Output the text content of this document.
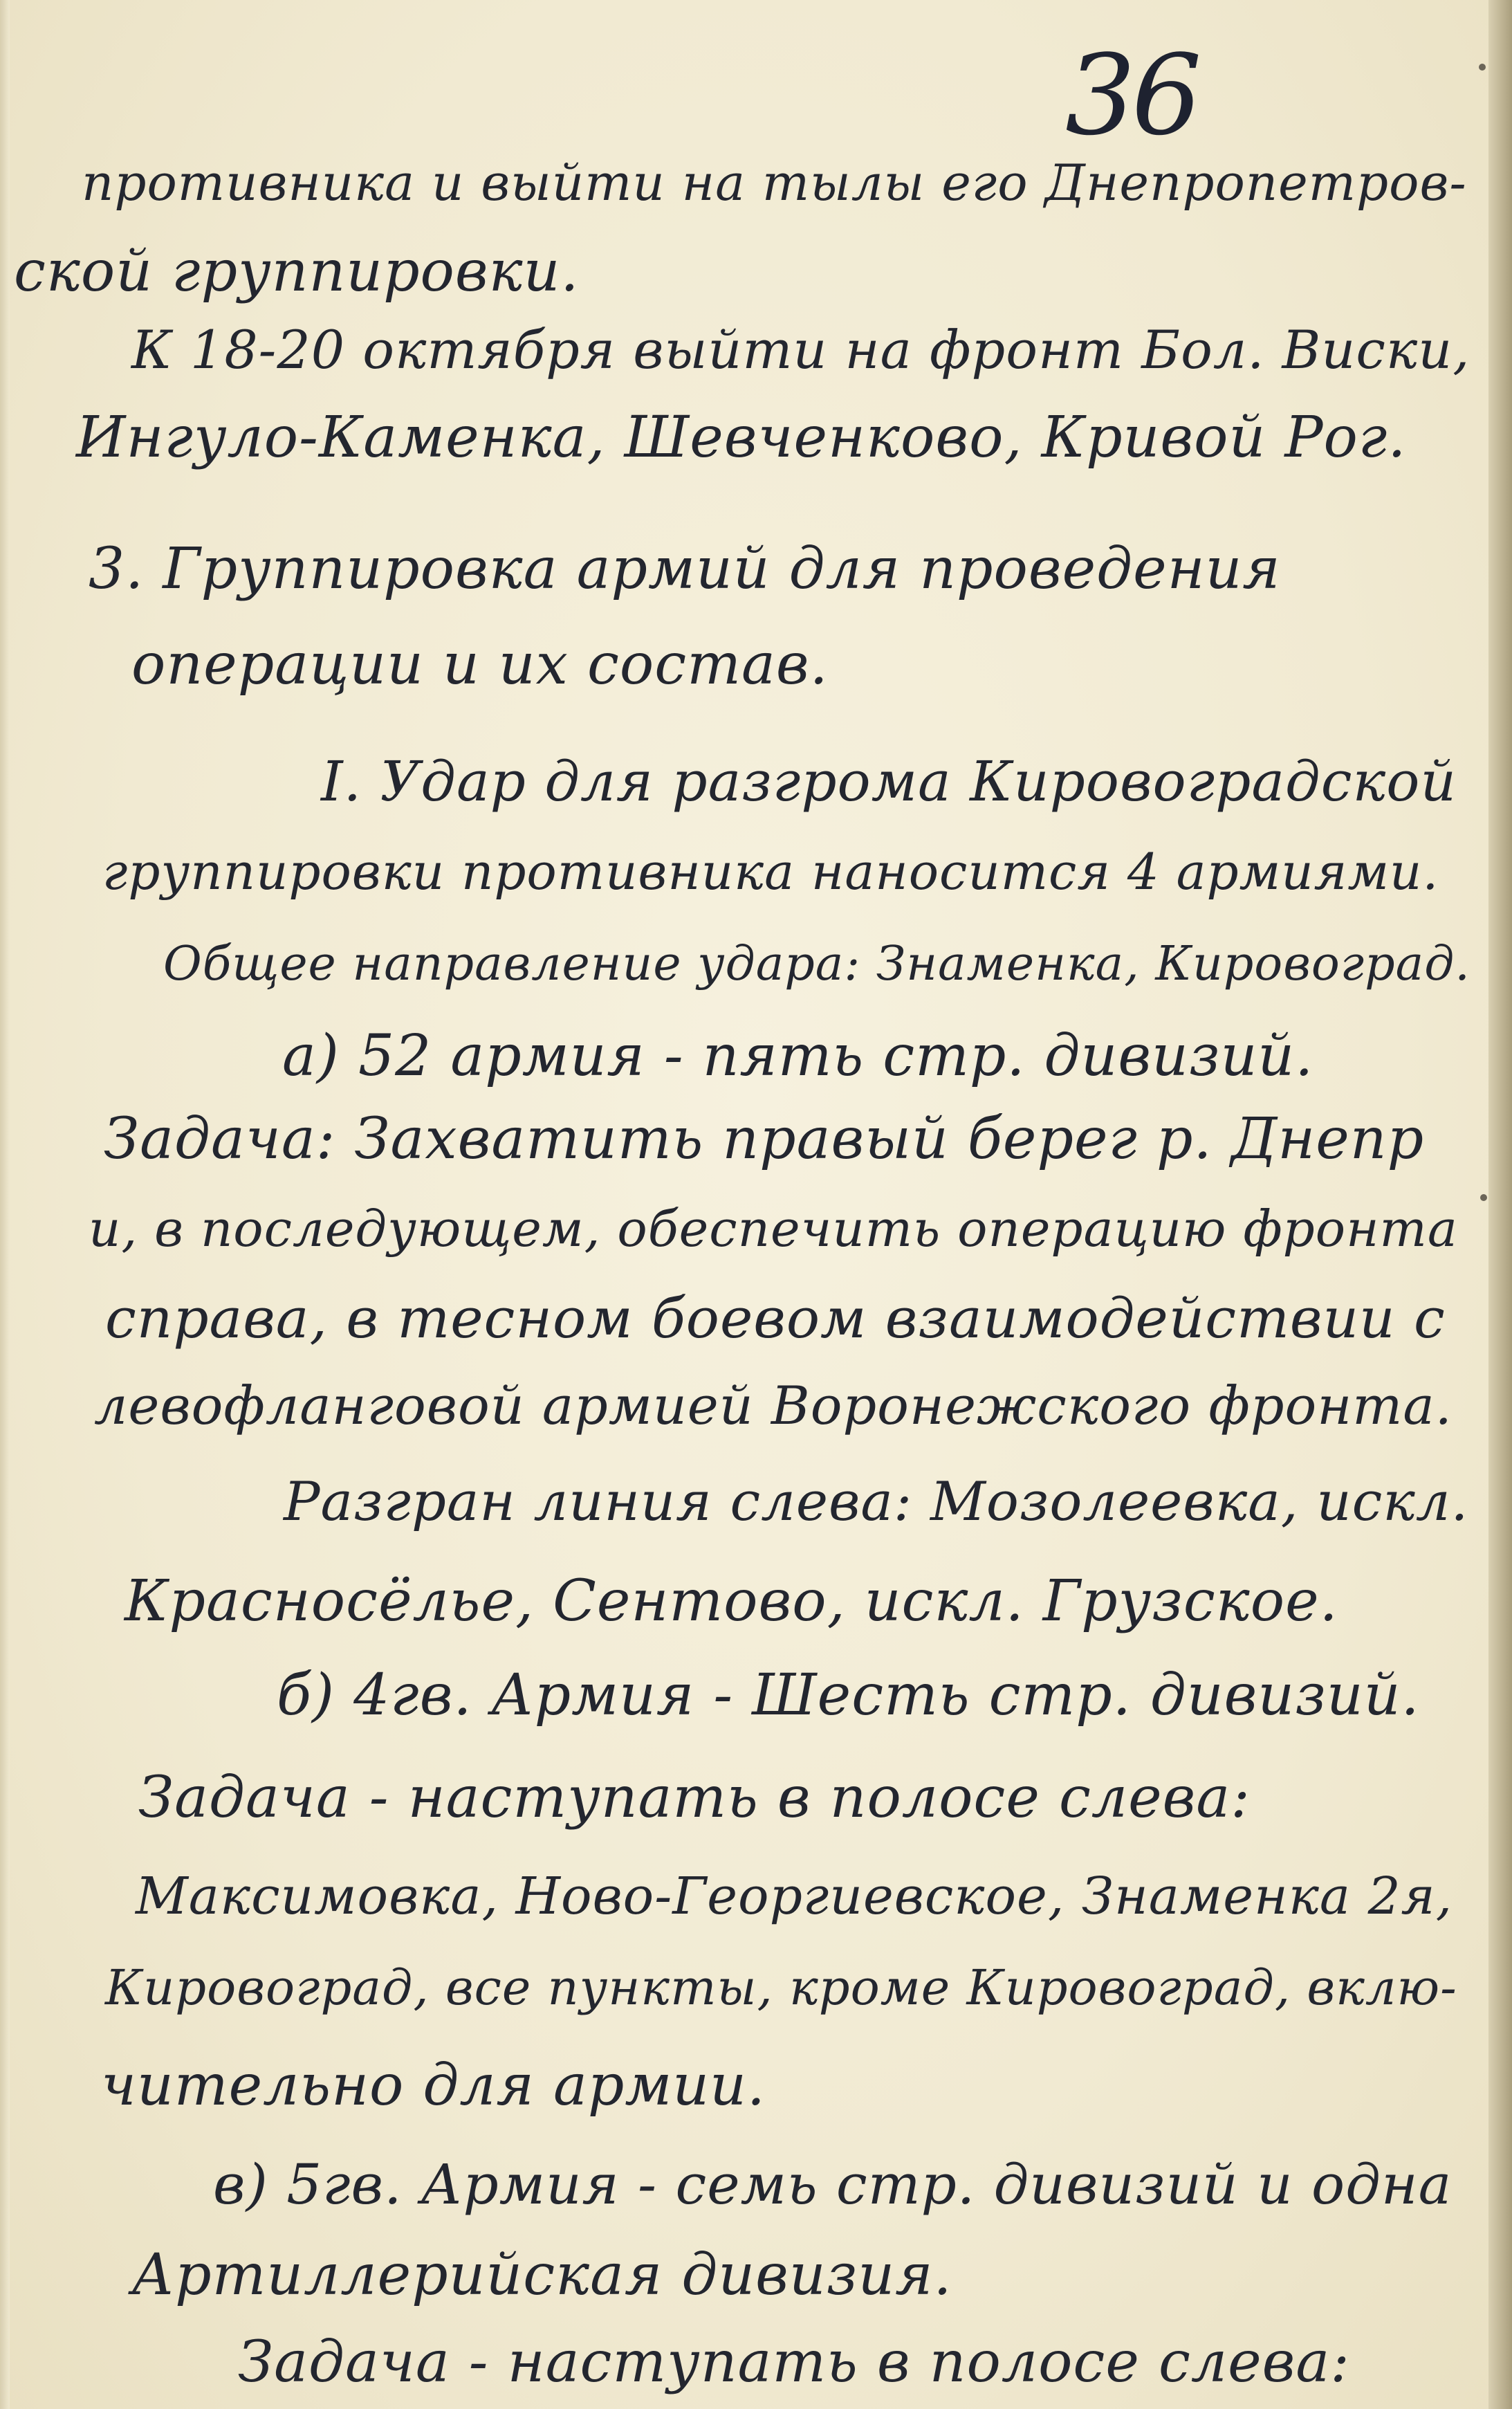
36
противника и выйти на тылы его Днепропетров-
ской группировки.
К 18-20 октября выйти на фронт Бол. Виски,
Ингуло-Каменка, Шевченково, Кривой Рог.
3. Группировка армий для проведения
операции и их состав.
I. Удар для разгрома Кировоградской
группировки противника наносится 4 армиями.
Общее направление удара: Знаменка, Кировоград.
а) 52 армия - пять стр. дивизий.
Задача: Захватить правый берег р. Днепр
и, в последующем, обеспечить операцию фронта
справа, в тесном боевом взаимодействии с
левофланговой армией Воронежского фронта.
Разгран линия слева: Мозолеевка, искл.
Красносёлье, Сентово, искл. Грузское.
б) 4гв. Армия - Шесть стр. дивизий.
Задача - наступать в полосе слева:
Максимовка, Ново-Георгиевское, Знаменка 2я,
Кировоград, все пункты, кроме Кировоград, вклю-
чительно для армии.
в) 5гв. Армия - семь стр. дивизий и одна
Артиллерийская дивизия.
Задача - наступать в полосе слева:
